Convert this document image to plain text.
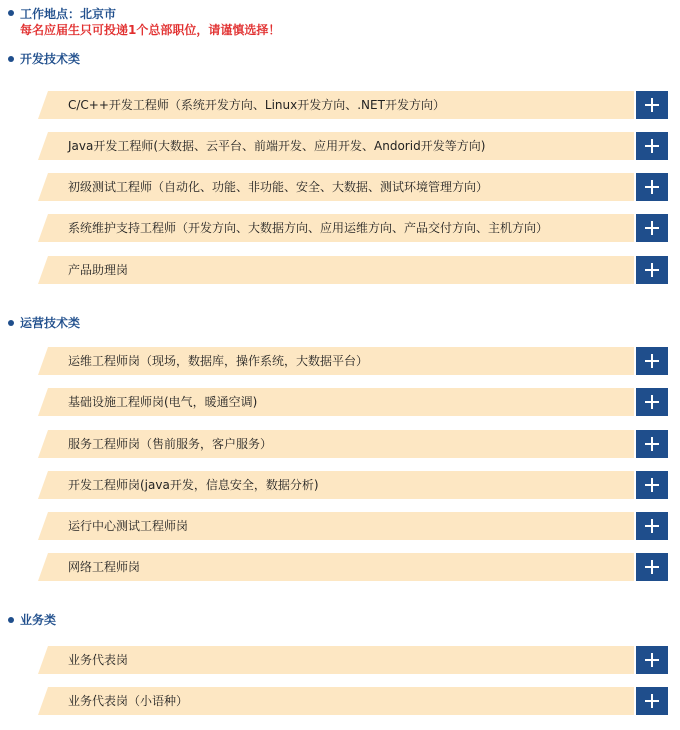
工作地点：北京市
每名应届生只可投递1个总部职位，请谨慎选择！
开发技术类
C/C++开发工程师（系统开发方向、Linux开发方向、.NET开发方向）
Java开发工程师(大数据、云平台、前端开发、应用开发、Andorid开发等方向)
初级测试工程师（自动化、功能、非功能、安全、大数据、测试环境管理方向）
系统维护支持工程师（开发方向、大数据方向、应用运维方向、产品交付方向、主机方向）
产品助理岗
运营技术类
运维工程师岗（现场，数据库，操作系统，大数据平台）
基础设施工程师岗(电气，暖通空调)
服务工程师岗（售前服务，客户服务）
开发工程师岗(java开发，信息安全，数据分析)
运行中心测试工程师岗
网络工程师岗
业务类
业务代表岗
业务代表岗（小语种）
